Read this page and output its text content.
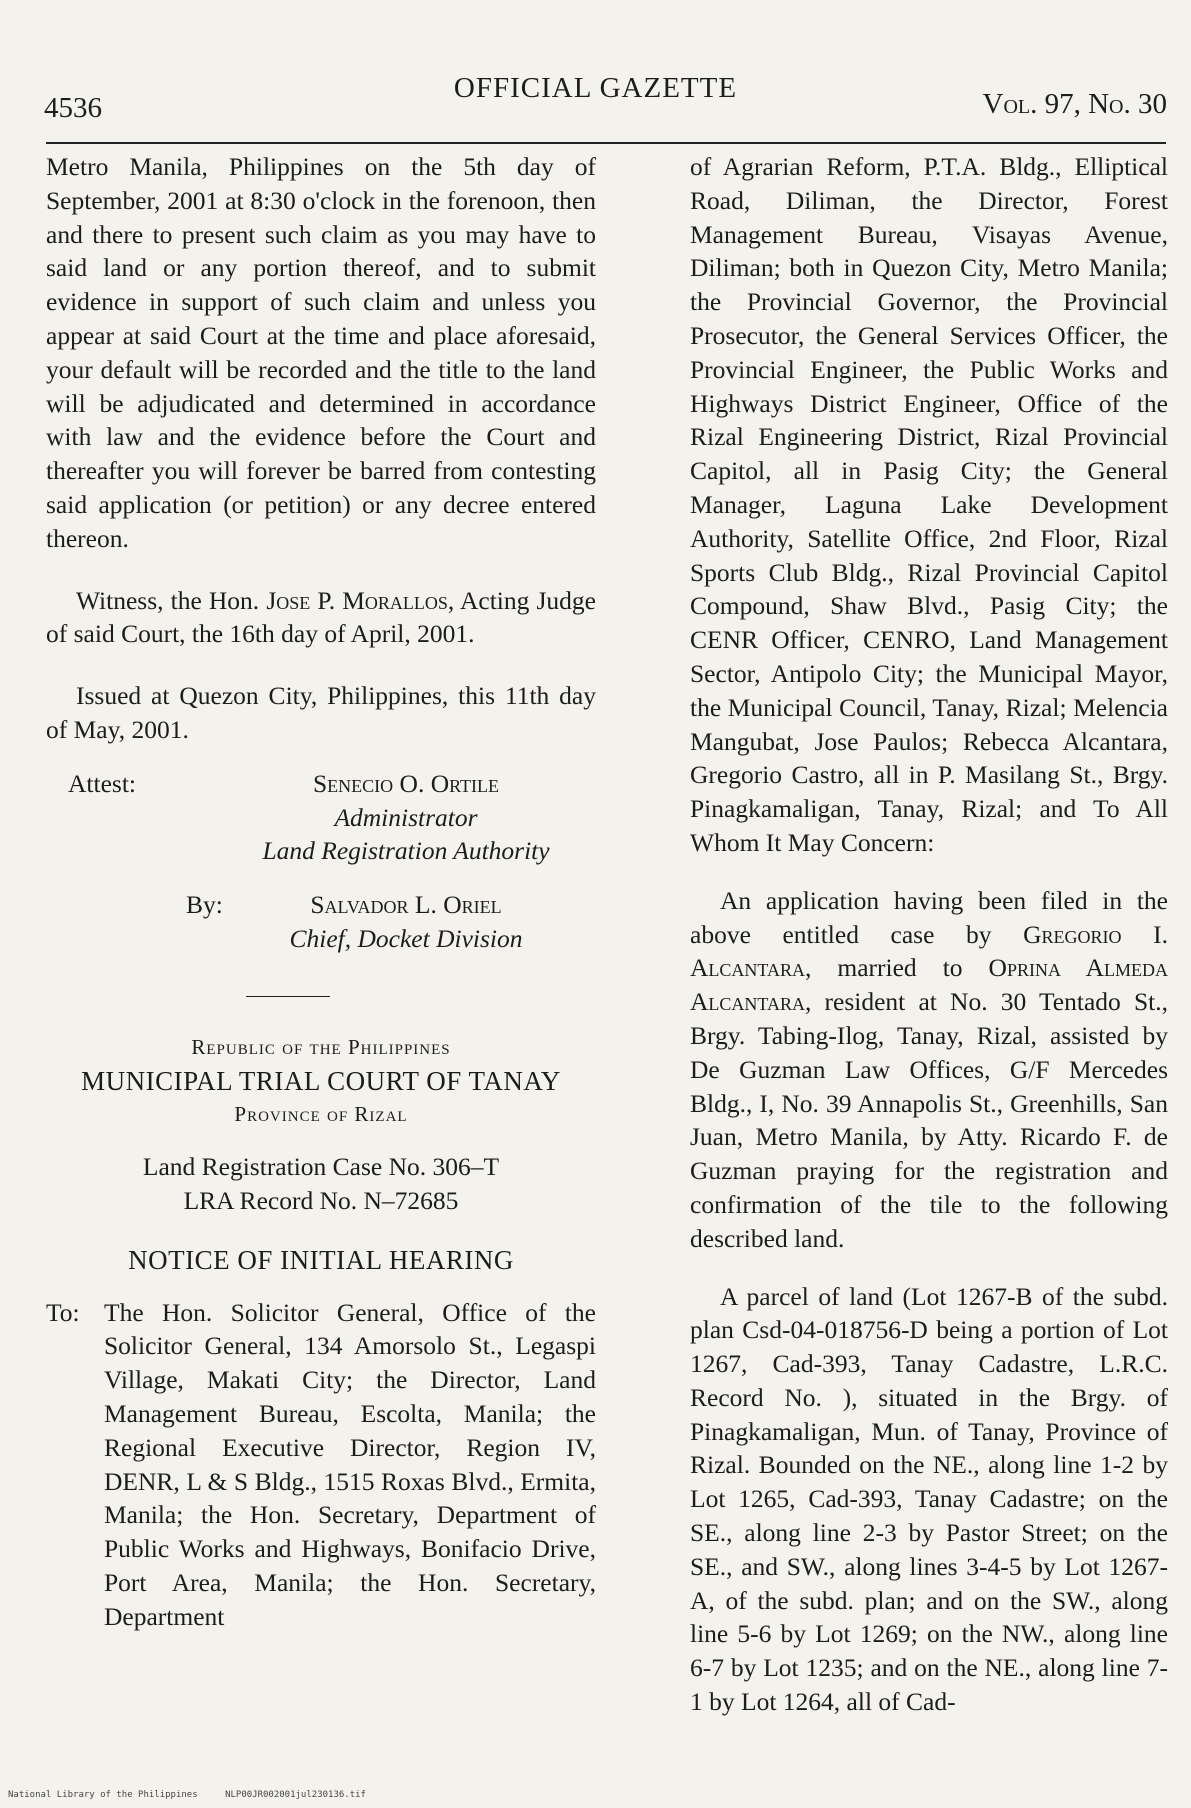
4536
OFFICIAL GAZETTE	Vol. 97, No. 30

Metro Manila, Philippines on the 5th day of September, 2001 at 8:30 o'clock in the forenoon, then and there to present such claim as you may have to said land or any portion thereof, and to submit evidence in support of such claim and unless you appear at said Court at the time and place aforesaid, your default will be recorded and the title to the land will be adjudicated and determined in accordance with law and the evidence before the Court and thereafter you will forever be barred from contesting said application (or petition) or any decree entered thereon.

Witness, the Hon. Jose P. Morallos, Acting Judge of said Court, the 16th day of April, 2001.

Issued at Quezon City, Philippines, this 11th day of May, 2001.

Attest:	Senecio O. Ortile
Administrator
Land Registration Authority
By:	Salvador L. Oriel
Chief, Docket Division
Republic of the Philippines
MUNICIPAL TRIAL COURT OF TANAY
Province of Rizal
Land Registration Case No. 306–T
LRA Record No. N–72685
NOTICE OF INITIAL HEARING
To: The Hon. Solicitor General, Office of the Solicitor General, 134 Amorsolo St., Legaspi Village, Makati City; the Director, Land Management Bureau, Escolta, Manila; the Regional Executive Director, Region IV, DENR, L & S Bldg., 1515 Roxas Blvd., Ermita, Manila; the Hon. Secretary, Department of Public Works and Highways, Bonifacio Drive, Port Area, Manila; the Hon. Secretary, Department

of Agrarian Reform, P.T.A. Bldg., Elliptical Road, Diliman, the Director, Forest Management Bureau, Visayas Avenue, Diliman; both in Quezon City, Metro Manila; the Provincial Governor, the Provincial Prosecutor, the General Services Officer, the Provincial Engineer, the Public Works and Highways District Engineer, Office of the Rizal Engineering District, Rizal Provincial Capitol, all in Pasig City; the General Manager, Laguna Lake Development Authority, Satellite Office, 2nd Floor, Rizal Sports Club Bldg., Rizal Provincial Capitol Compound, Shaw Blvd., Pasig City; the CENR Officer, CENRO, Land Management Sector, Antipolo City; the Municipal Mayor, the Municipal Council, Tanay, Rizal; Melencia Mangubat, Jose Paulos; Rebecca Alcantara, Gregorio Castro, all in P. Masilang St., Brgy. Pinagkamaligan, Tanay, Rizal; and To All Whom It May Concern:

An application having been filed in the above entitled case by Gregorio I. Alcantara, married to Oprina Almeda Alcantara, resident at No. 30 Tentado St., Brgy. Tabing-Ilog, Tanay, Rizal, assisted by De Guzman Law Offices, G/F Mercedes Bldg., I, No. 39 Annapolis St., Greenhills, San Juan, Metro Manila, by Atty. Ricardo F. de Guzman praying for the registration and confirmation of the tile to the following described land.

A parcel of land (Lot 1267-B of the subd. plan Csd-04-018756-D being a portion of Lot 1267, Cad-393, Tanay Cadastre, L.R.C. Record No. ), situated in the Brgy. of Pinagkamaligan, Mun. of Tanay, Province of Rizal. Bounded on the NE., along line 1-2 by Lot 1265, Cad-393, Tanay Cadastre; on the SE., along line 2-3 by Pastor Street; on the SE., and SW., along lines 3-4-5 by Lot 1267-A, of the subd. plan; and on the SW., along line 5-6 by Lot 1269; on the NW., along line 6-7 by Lot 1235; and on the NE., along line 7-1 by Lot 1264, all of Cad-

National Library of the Philippines	NLP00JR002001jul230136.tif
